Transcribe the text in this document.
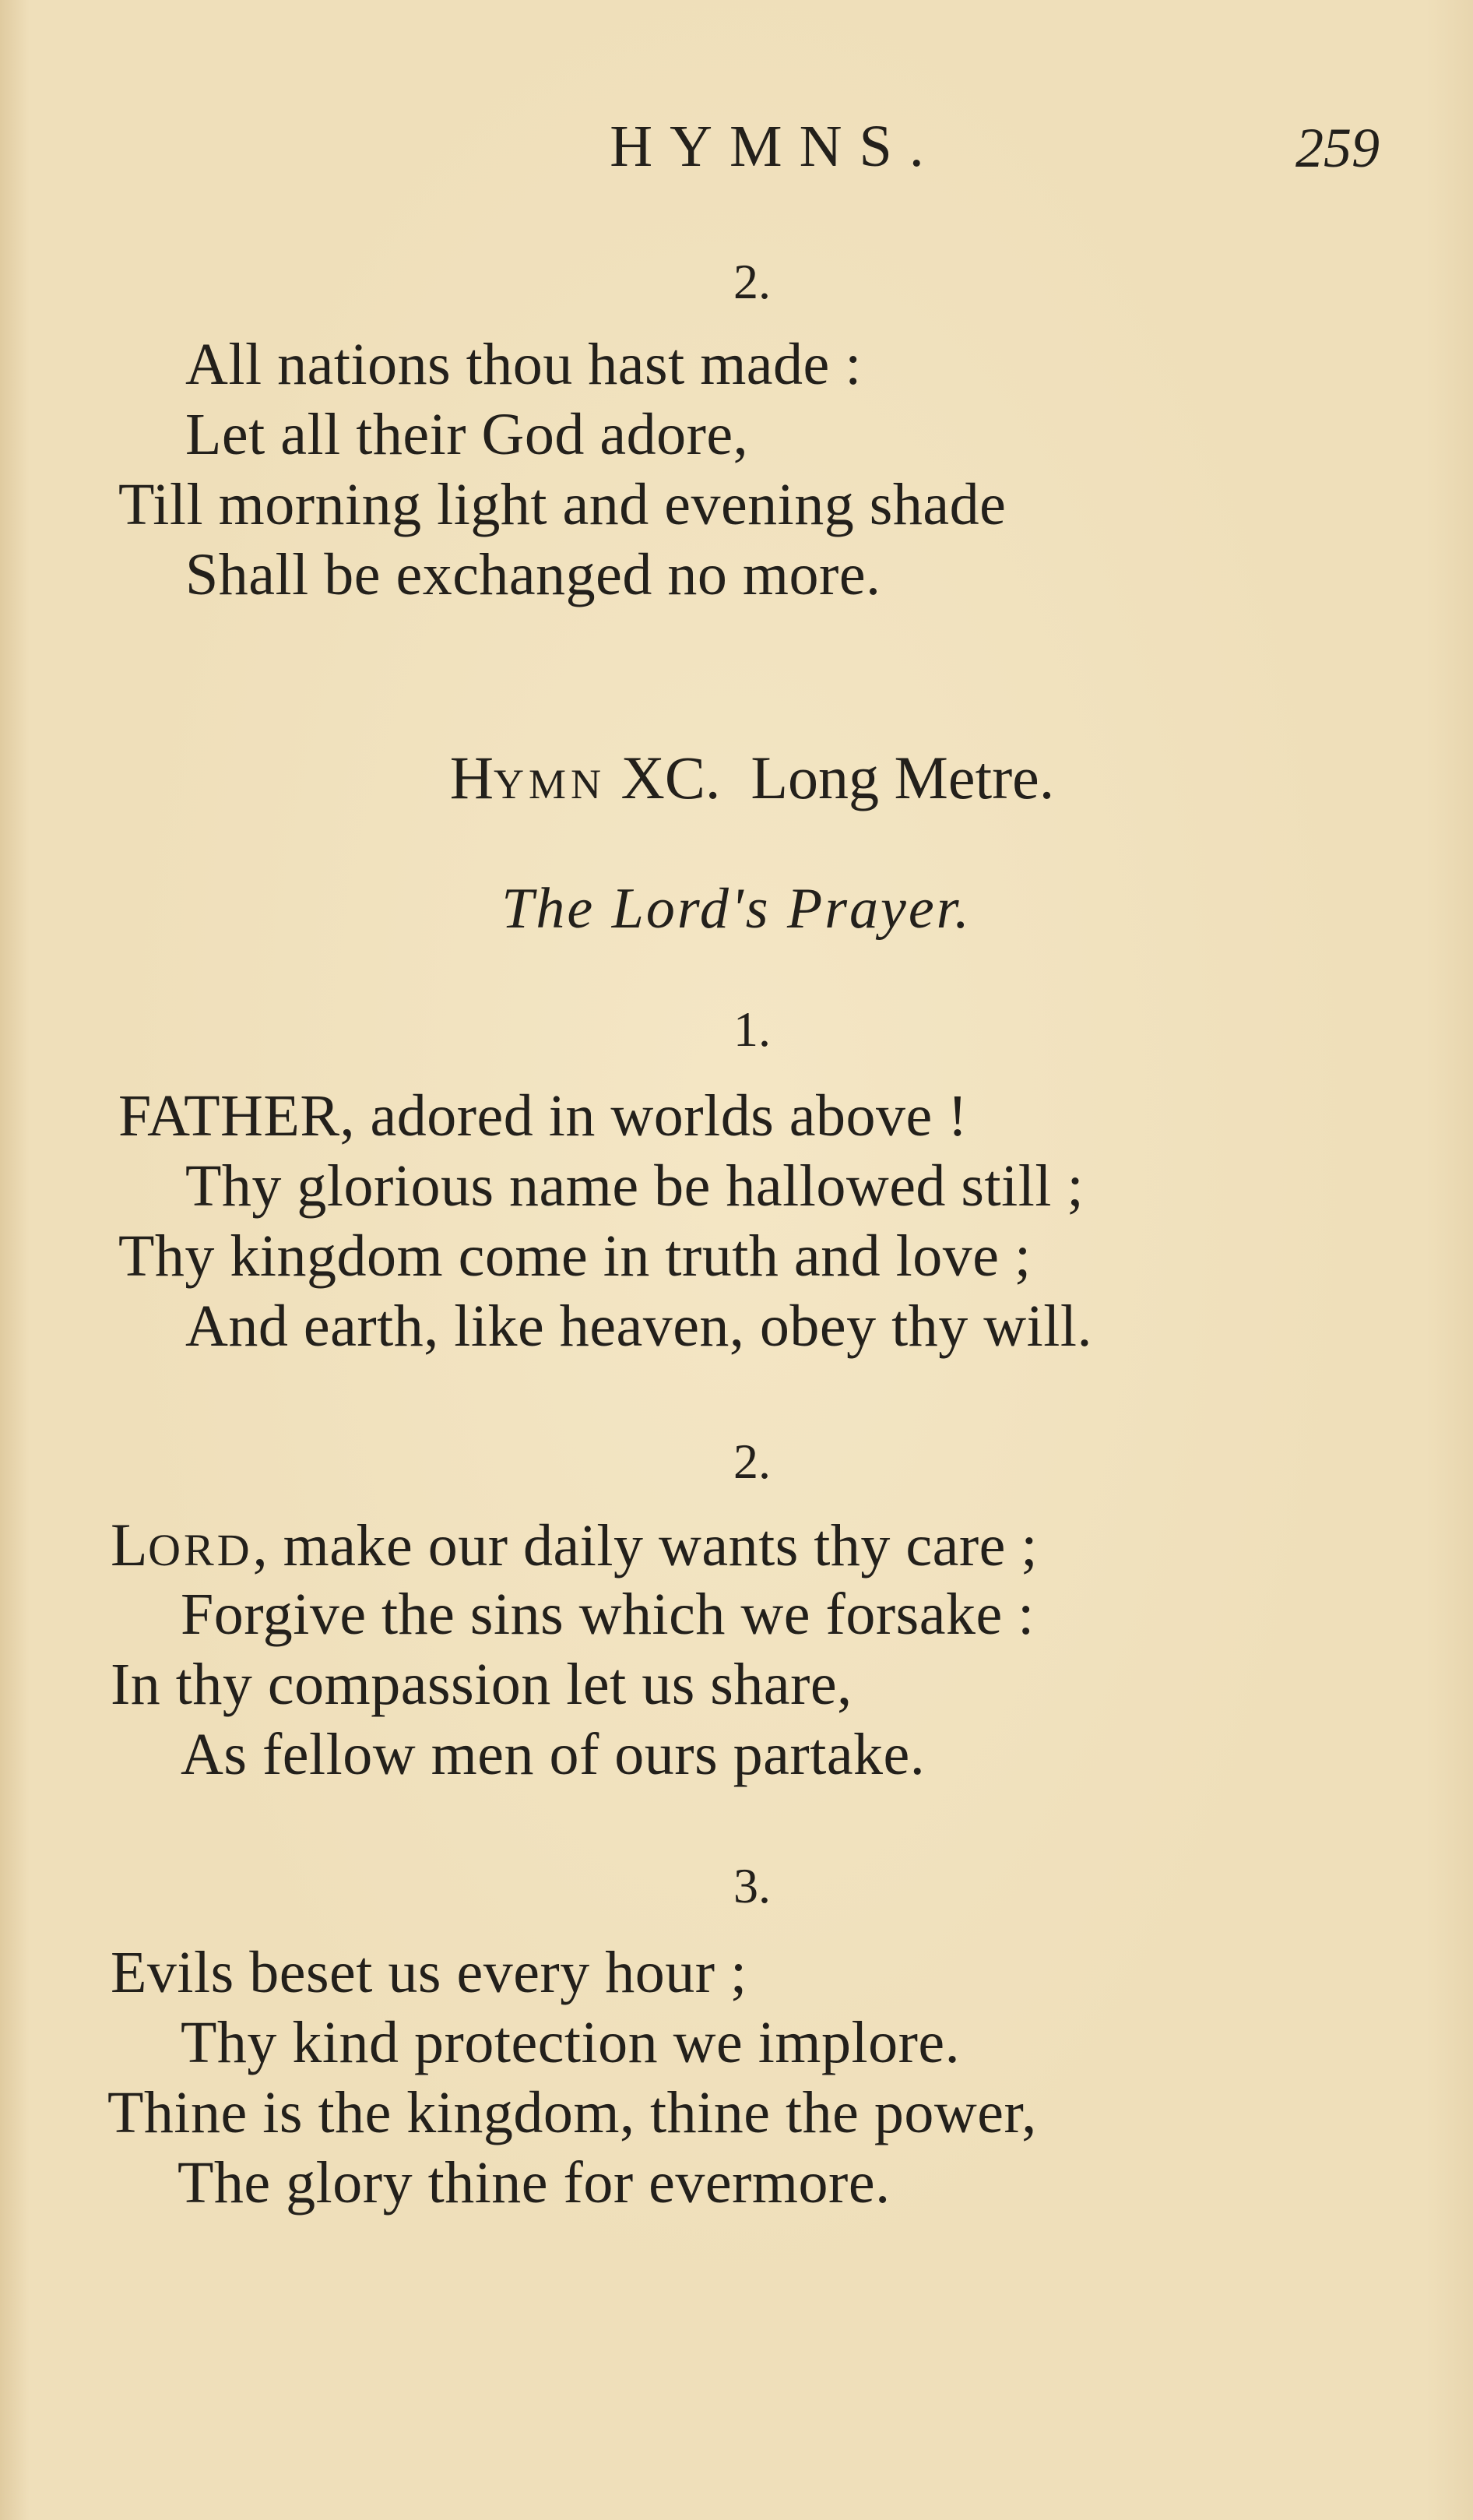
HYMNS.	259
2.
All nations thou hast made :
Let all their God adore,
Till morning light and evening shade
Shall be exchanged no more.
HYMN XC.  Long Metre.
The Lord's Prayer.
1.
FATHER, adored in worlds above !
Thy glorious name be hallowed still ;
Thy kingdom come in truth and love ;
And earth, like heaven, obey thy will.
2.
LORD, make our daily wants thy care ;
Forgive the sins which we forsake :
In thy compassion let us share,
As fellow men of ours partake.
3.
Evils beset us every hour ;
Thy kind protection we implore.
Thine is the kingdom, thine the power,
The glory thine for evermore.
